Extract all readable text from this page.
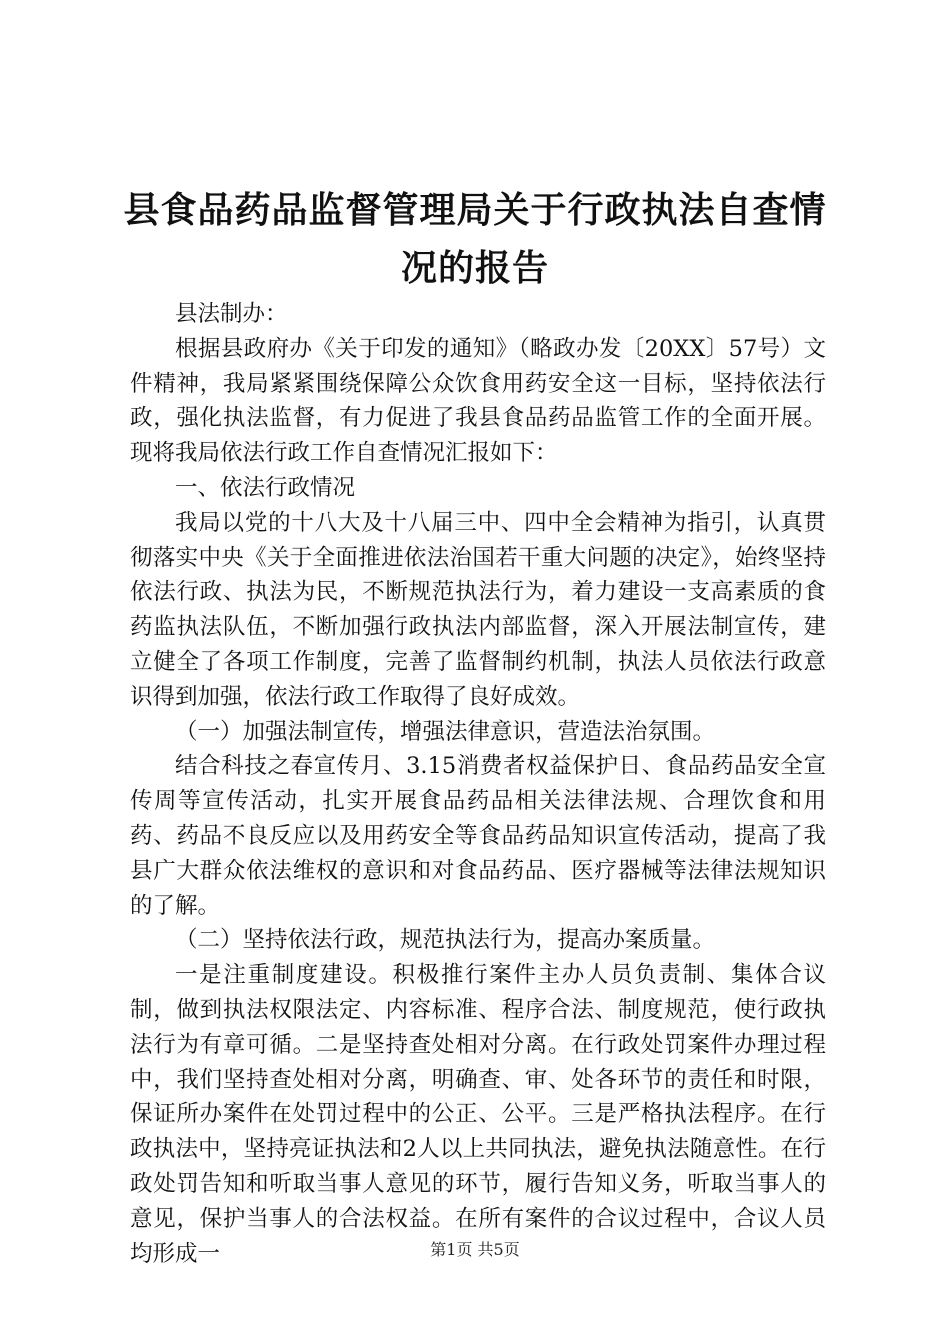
县食品药品监督管理局关于行政执法自查情况的报告

县法制办：

根据县政府办《关于印发的通知》（略政办发〔20XX〕57号）文件精神，我局紧紧围绕保障公众饮食用药安全这一目标，坚持依法行政，强化执法监督，有力促进了我县食品药品监管工作的全面开展。现将我局依法行政工作自查情况汇报如下：

一、依法行政情况

我局以党的十八大及十八届三中、四中全会精神为指引，认真贯彻落实中央《关于全面推进依法治国若干重大问题的决定》，始终坚持依法行政、执法为民，不断规范执法行为，着力建设一支高素质的食药监执法队伍，不断加强行政执法内部监督，深入开展法制宣传，建立健全了各项工作制度，完善了监督制约机制，执法人员依法行政意识得到加强，依法行政工作取得了良好成效。

（一）加强法制宣传，增强法律意识，营造法治氛围。

结合科技之春宣传月、3.15消费者权益保护日、食品药品安全宣传周等宣传活动，扎实开展食品药品相关法律法规、合理饮食和用药、药品不良反应以及用药安全等食品药品知识宣传活动，提高了我县广大群众依法维权的意识和对食品药品、医疗器械等法律法规知识的了解。

（二）坚持依法行政，规范执法行为，提高办案质量。

一是注重制度建设。积极推行案件主办人员负责制、集体合议制，做到执法权限法定、内容标准、程序合法、制度规范，使行政执法行为有章可循。二是坚持查处相对分离。在行政处罚案件办理过程中，我们坚持查处相对分离，明确查、审、处各环节的责任和时限，保证所办案件在处罚过程中的公正、公平。三是严格执法程序。在行政执法中，坚持亮证执法和2人以上共同执法，避免执法随意性。在行政处罚告知和听取当事人意见的环节，履行告知义务，听取当事人的意见，保护当事人的合法权益。在所有案件的合议过程中，合议人员均形成一	第1页 共5页
